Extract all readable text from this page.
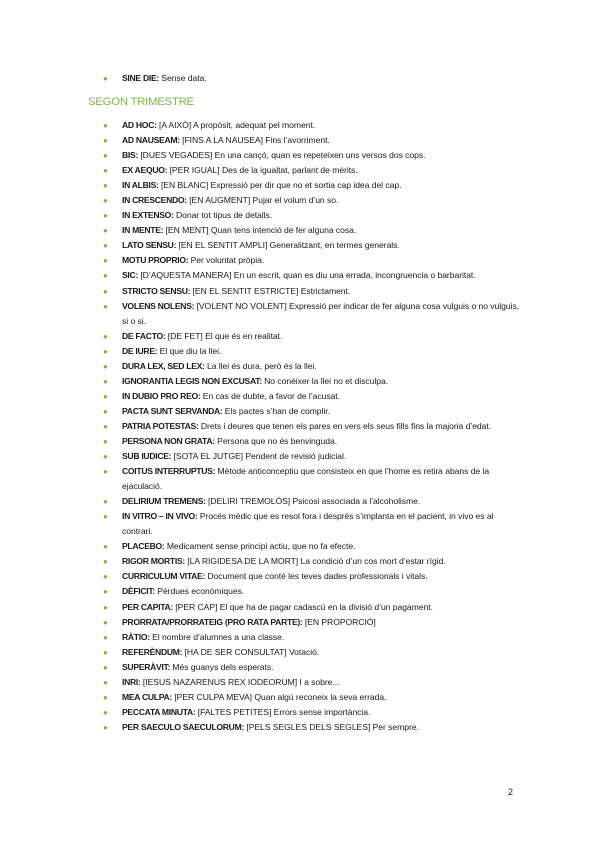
● SINE DIE: Sense data.
SEGON TRIMESTRE
● AD HOC: [A AIXÒ] A propòsit, adequat pel moment.
● AD NAUSEAM: [FINS A LA NAUSEA] Fins l’avorriment.
● BIS: [DUES VEGADES] En una cançó, quan es repeteixen uns versos dos cops.
● EX AEQUO: [PER IGUAL] Des de la igualtat, parlant de mèrits.
● IN ALBIS: [EN BLANC] Expressió per dir que no et sortia cap idea del cap.
● IN CRESCENDO: [EN AUGMENT] Pujar el volum d’un so.
● IN EXTENSO: Donar tot tipus de detalls.
● IN MENTE: [EN MENT] Quan tens intenció de fer alguna cosa.
● LATO SENSU: [EN EL SENTIT AMPLI] Generalitzant, en termes generals.
● MOTU PROPRIO: Per voluntat pròpia.
● SIC: [D’AQUESTA MANERA] En un escrit, quan es diu una errada, incongruencia o barbaritat.
● STRICTO SENSU: [EN EL SENTIT ESTRICTE] Estrictament.
● VOLENS NOLENS: [VOLENT NO VOLENT] Expressió per indicar de fer alguna cosa vulguis o no vulguis, si o si.
● DE FACTO: [DE FET] El que és en realitat.
● DE IURE: El que diu la llei.
● DURA LEX, SED LEX: La llei és dura, però és la llei.
● IGNORANTIA LEGIS NON EXCUSAT: No conèixer la llei no et disculpa.
● IN DUBIO PRO REO: En cas de dubte, a favor de l’acusat.
● PACTA SUNT SERVANDA: Els pactes s’han de complir.
● PATRIA POTESTAS: Drets i deures que tenen els pares en vers els seus fills fins la majoria d’edat.
● PERSONA NON GRATA: Persona que no és benvinguda.
● SUB IUDICE: [SOTA EL JUTGE] Pendent de revisió judicial.
● COITUS INTERRUPTUS: Mètode anticonceptiu que consisteix en que l’home es retira abans de la ejaculació.
● DELIRIUM TREMENS: [DELIRI TREMOLÓS] Psicosi associada a l’alcoholisme.
● IN VITRO – IN VIVO: Procés mèdic que es resol fora i després s’implanta en el pacient, in vivo es al contrari.
● PLACEBO: Medicament sense principi actiu, que no fa efecte.
● RIGOR MORTIS: [LA RIGIDESA DE LA MORT] La condició d’un cos mort d’estar rígid.
● CURRICULUM VITAE: Document que conté les teves dades professionals i vitals.
● DÈFICIT: Pèrdues econòmiques.
● PER CAPITA: [PER CAP] El que ha de pagar cadascú en la divisió d’un pagament.
● PRORRATA/PRORRATEIG (PRO RATA PARTE): [EN PROPORCIÓ]
● RÀTIO: El nombre d’alumnes a una classe.
● REFERÈNDUM: [HA DE SER CONSULTAT] Votació.
● SUPERÀVIT: Més guanys dels esperats.
● INRI: [IESUS NAZARENUS REX IODEORUM] I a sobre...
● MEA CULPA: [PER CULPA MEVA] Quan algú reconeix la seva errada.
● PECCATA MINUTA: [FALTES PETITES] Errors sense importància.
● PER SAECULO SAECULORUM: [PELS SEGLES DELS SEGLES] Per sempre.
2
